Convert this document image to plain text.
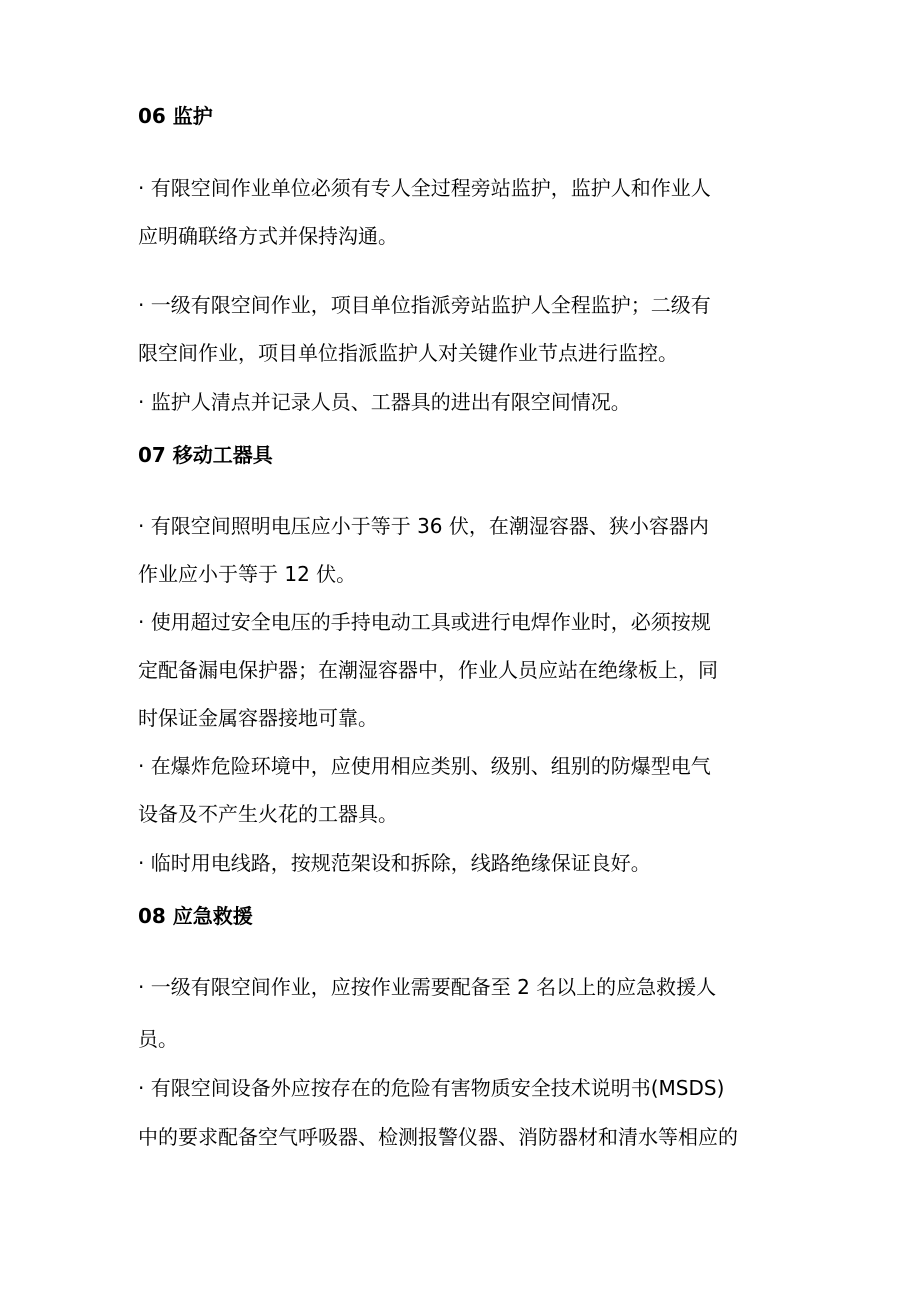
06 监护
· 有限空间作业单位必须有专人全过程旁站监护，监护人和作业人
应明确联络方式并保持沟通。
· 一级有限空间作业，项目单位指派旁站监护人全程监护；二级有
限空间作业，项目单位指派监护人对关键作业节点进行监控。
· 监护人清点并记录人员、工器具的进出有限空间情况。
07 移动工器具
· 有限空间照明电压应小于等于 36 伏，在潮湿容器、狭小容器内
作业应小于等于 12 伏。
· 使用超过安全电压的手持电动工具或进行电焊作业时，必须按规
定配备漏电保护器；在潮湿容器中，作业人员应站在绝缘板上，同
时保证金属容器接地可靠。
· 在爆炸危险环境中，应使用相应类别、级别、组别的防爆型电气
设备及不产生火花的工器具。
· 临时用电线路，按规范架设和拆除，线路绝缘保证良好。
08 应急救援
· 一级有限空间作业，应按作业需要配备至 2 名以上的应急救援人
员。
· 有限空间设备外应按存在的危险有害物质安全技术说明书(MSDS)
中的要求配备空气呼吸器、检测报警仪器、消防器材和清水等相应的
